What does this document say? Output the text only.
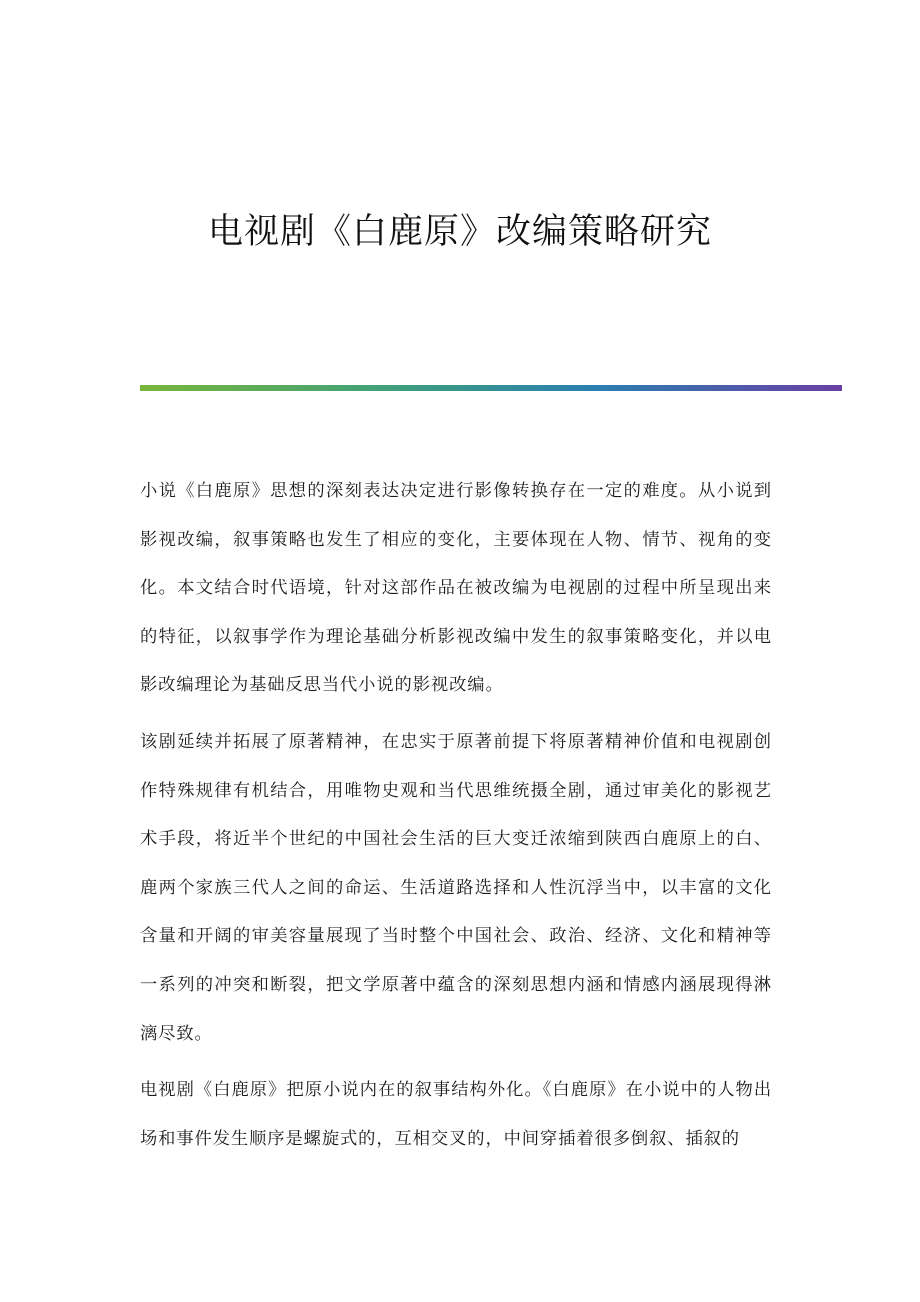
电视剧《白鹿原》改编策略研究

小说《白鹿原》思想的深刻表达决定进行影像转换存在一定的难度。从小说到影视改编，叙事策略也发生了相应的变化，主要体现在人物、情节、视角的变化。本文结合时代语境，针对这部作品在被改编为电视剧的过程中所呈现出来的特征，以叙事学作为理论基础分析影视改编中发生的叙事策略变化，并以电影改编理论为基础反思当代小说的影视改编。

该剧延续并拓展了原著精神，在忠实于原著前提下将原著精神价值和电视剧创作特殊规律有机结合，用唯物史观和当代思维统摄全剧，通过审美化的影视艺术手段，将近半个世纪的中国社会生活的巨大变迁浓缩到陕西白鹿原上的白、鹿两个家族三代人之间的命运、生活道路选择和人性沉浮当中，以丰富的文化含量和开阔的审美容量展现了当时整个中国社会、政治、经济、文化和精神等一系列的冲突和断裂，把文学原著中蕴含的深刻思想内涵和情感内涵展现得淋漓尽致。

电视剧《白鹿原》把原小说内在的叙事结构外化。《白鹿原》在小说中的人物出场和事件发生顺序是螺旋式的，互相交叉的，中间穿插着很多倒叙、插叙的
